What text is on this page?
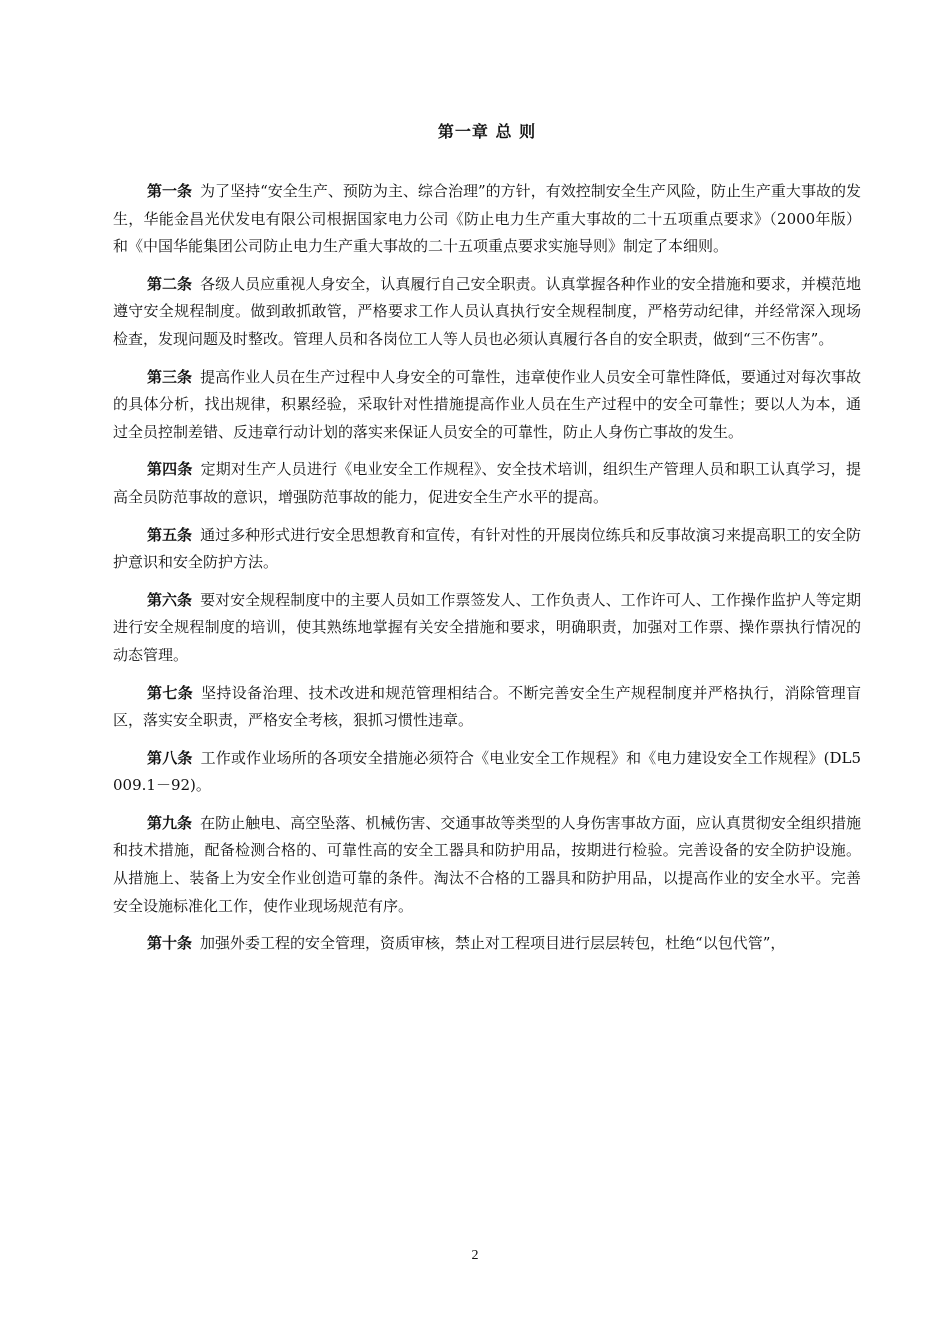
第一章 总 则

第一条 为了坚持“安全生产、预防为主、综合治理”的方针，有效控制安全生产风险，防止生产重大事故的发生，华能金昌光伏发电有限公司根据国家电力公司《防止电力生产重大事故的二十五项重点要求》（2000年版）和《中国华能集团公司防止电力生产重大事故的二十五项重点要求实施导则》制定了本细则。

第二条 各级人员应重视人身安全，认真履行自己安全职责。认真掌握各种作业的安全措施和要求，并模范地遵守安全规程制度。做到敢抓敢管，严格要求工作人员认真执行安全规程制度，严格劳动纪律，并经常深入现场检查，发现问题及时整改。管理人员和各岗位工人等人员也必须认真履行各自的安全职责，做到“三不伤害”。

第三条 提高作业人员在生产过程中人身安全的可靠性，违章使作业人员安全可靠性降低，要通过对每次事故的具体分析，找出规律，积累经验，采取针对性措施提高作业人员在生产过程中的安全可靠性；要以人为本，通过全员控制差错、反违章行动计划的落实来保证人员安全的可靠性，防止人身伤亡事故的发生。

第四条 定期对生产人员进行《电业安全工作规程》、安全技术培训，组织生产管理人员和职工认真学习，提高全员防范事故的意识，增强防范事故的能力，促进安全生产水平的提高。

第五条 通过多种形式进行安全思想教育和宣传，有针对性的开展岗位练兵和反事故演习来提高职工的安全防护意识和安全防护方法。

第六条 要对安全规程制度中的主要人员如工作票签发人、工作负责人、工作许可人、工作操作监护人等定期进行安全规程制度的培训，使其熟练地掌握有关安全措施和要求，明确职责，加强对工作票、操作票执行情况的动态管理。

第七条 坚持设备治理、技术改进和规范管理相结合。不断完善安全生产规程制度并严格执行，消除管理盲区，落实安全职责，严格安全考核，狠抓习惯性违章。

第八条 工作或作业场所的各项安全措施必须符合《电业安全工作规程》和《电力建设安全工作规程》(DL5009.1－92)。

第九条 在防止触电、高空坠落、机械伤害、交通事故等类型的人身伤害事故方面，应认真贯彻安全组织措施和技术措施，配备检测合格的、可靠性高的安全工器具和防护用品，按期进行检验。完善设备的安全防护设施。从措施上、装备上为安全作业创造可靠的条件。淘汰不合格的工器具和防护用品，以提高作业的安全水平。完善安全设施标准化工作，使作业现场规范有序。

第十条 加强外委工程的安全管理，资质审核，禁止对工程项目进行层层转包，杜绝“以包代管”，

2
